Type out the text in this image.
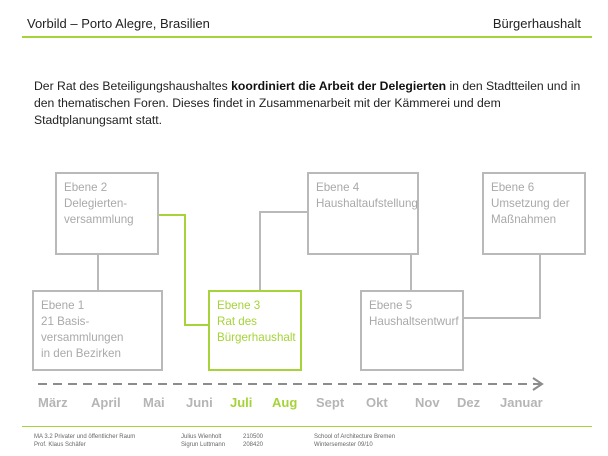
Vorbild – Porto Alegre, Brasilien	Bürgerhaushalt
Der Rat des Beteiligungshaushaltes koordiniert die Arbeit der Delegierten in den Stadtteilen und in den thematischen Foren. Dieses findet in Zusammenarbeit mit der Kämmerei und dem Stadtplanungsamt statt.
Ebene 2
Delegierten-
versammlung
Ebene 1
21 Basis-
versammlungen
in den Bezirken
Ebene 3
Rat des
Bürgerhaushalt
Ebene 4
Haushaltaufstellung
Ebene 5
Haushaltsentwurf
Ebene 6
Umsetzung der
Maßnahmen
März April Mai Juni Juli Aug Sept Okt Nov Dez Januar
MA 3.2 Privater und öffentlicher Raum
Prof. Klaus Schäfer
Julius Wienholt
Sigrun Luttmann
210500
208420
School of Architecture Bremen
Wintersemester 09/10
